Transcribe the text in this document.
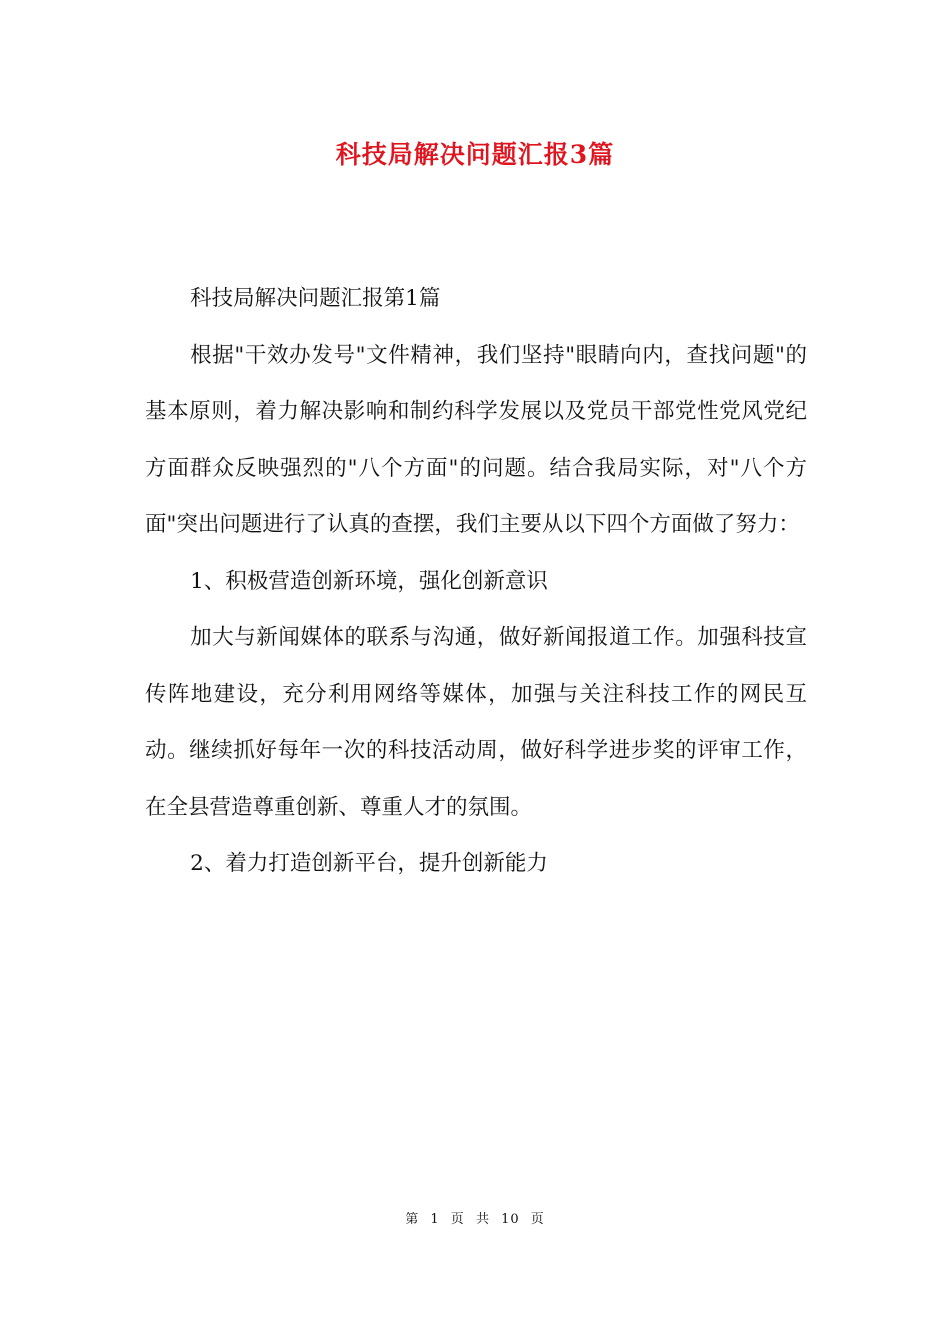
科技局解决问题汇报3篇

科技局解决问题汇报第1篇

根据"干效办发号"文件精神，我们坚持"眼睛向内，查找问题"的基本原则，着力解决影响和制约科学发展以及党员干部党性党风党纪方面群众反映强烈的"八个方面"的问题。结合我局实际，对"八个方面"突出问题进行了认真的查摆，我们主要从以下四个方面做了努力：

1、积极营造创新环境，强化创新意识

加大与新闻媒体的联系与沟通，做好新闻报道工作。加强科技宣传阵地建设，充分利用网络等媒体，加强与关注科技工作的网民互动。继续抓好每年一次的科技活动周，做好科学进步奖的评审工作，在全县营造尊重创新、尊重人才的氛围。

2、着力打造创新平台，提升创新能力

第 1 页 共 10 页
